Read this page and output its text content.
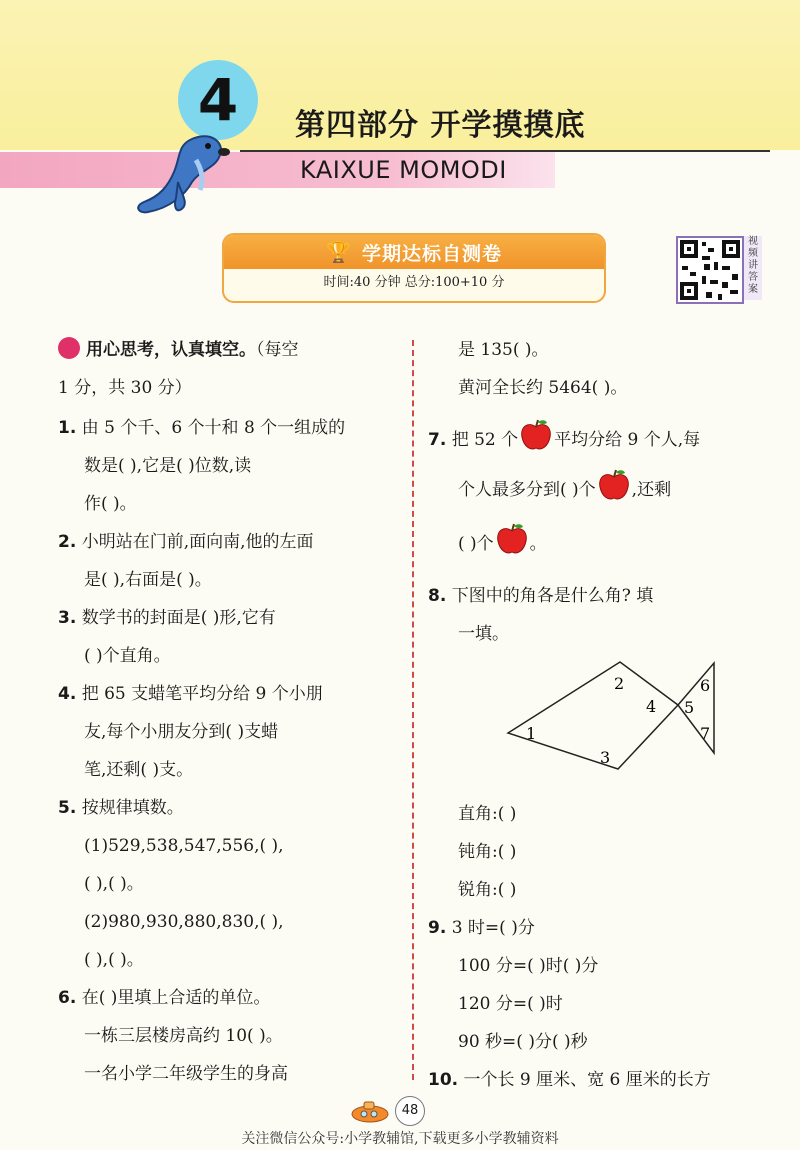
4	第四部分 开学摸摸底
KAIXUE MOMODI
🏆 学期达标自测卷
时间:40 分钟 总分:100+10 分
视频讲答案
用心思考，认真填空。（每空
1 分，共 30 分）
1. 由 5 个千、6 个十和 8 个一组成的
数是( ),它是( )位数,读
作( )。
2. 小明站在门前,面向南,他的左面
是( ),右面是( )。
3. 数学书的封面是( )形,它有
( )个直角。
4. 把 65 支蜡笔平均分给 9 个小朋
友,每个小朋友分到( )支蜡
笔,还剩( )支。
5. 按规律填数。
(1)529,538,547,556,( ),
( ),( )。
(2)980,930,880,830,( ),
( ),( )。
6. 在( )里填上合适的单位。
一栋三层楼房高约 10( )。
一名小学二年级学生的身高
是 135( )。
黄河全长约 5464( )。
7. 把 52 个 平均分给 9 个人,每
个人最多分到( )个 ,还剩
( )个 。
8. 下图中的角各是什么角? 填
一填。
1
2
3
4 5
6
7
直角:( )
钝角:( )
锐角:( )
9. 3 时=( )分
100 分=( )时( )分
120 分=( )时
90 秒=( )分( )秒
10. 一个长 9 厘米、宽 6 厘米的长方
48
关注微信公众号:小学教辅馆,下载更多小学教辅资料
